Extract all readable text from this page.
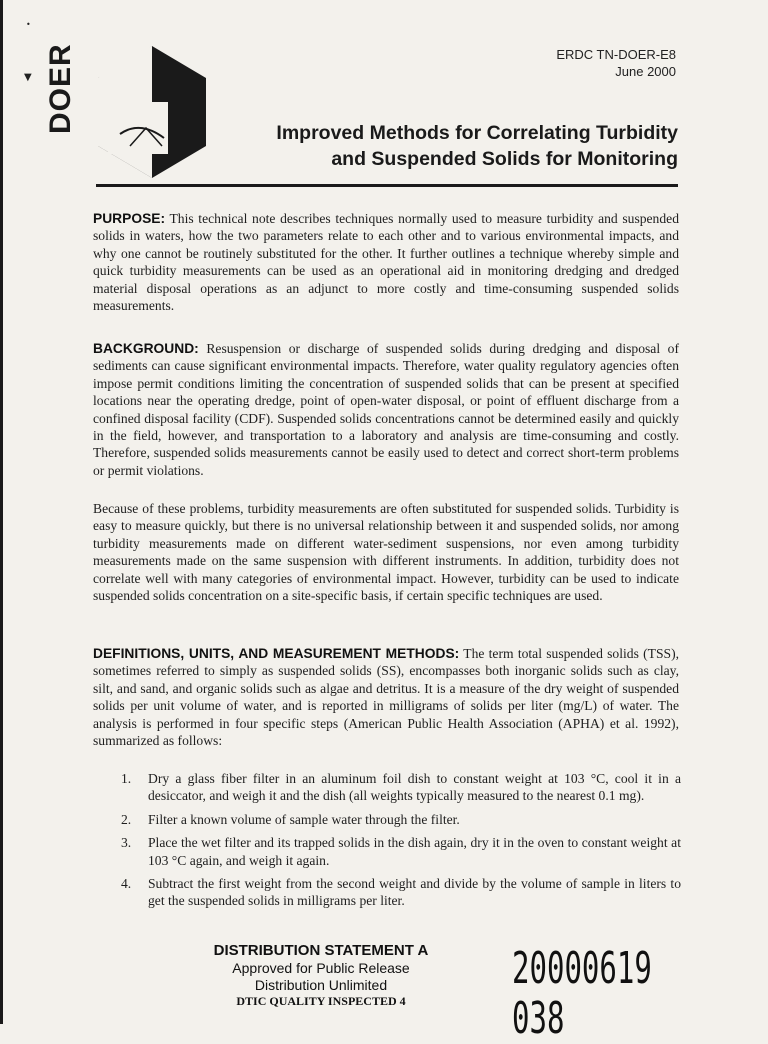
•
▼ DOER	ERDC TN-DOER-E8
June 2000
Improved Methods for Correlating Turbidity
and Suspended Solids for Monitoring
PURPOSE: This technical note describes techniques normally used to measure turbidity and suspended solids in waters, how the two parameters relate to each other and to various environmental impacts, and why one cannot be routinely substituted for the other. It further outlines a technique whereby simple and quick turbidity measurements can be used as an operational aid in monitoring dredging and dredged material disposal operations as an adjunct to more costly and time-consuming suspended solids measurements.
BACKGROUND: Resuspension or discharge of suspended solids during dredging and disposal of sediments can cause significant environmental impacts. Therefore, water quality regulatory agencies often impose permit conditions limiting the concentration of suspended solids that can be present at specified locations near the operating dredge, point of open-water disposal, or point of effluent discharge from a confined disposal facility (CDF). Suspended solids concentrations cannot be determined easily and quickly in the field, however, and transportation to a laboratory and analysis are time-consuming and costly. Therefore, suspended solids measurements cannot be easily used to detect and correct short-term problems or permit violations.
Because of these problems, turbidity measurements are often substituted for suspended solids. Turbidity is easy to measure quickly, but there is no universal relationship between it and suspended solids, nor among turbidity measurements made on different water-sediment suspensions, nor even among turbidity measurements made on the same suspension with different instruments. In addition, turbidity does not correlate well with many categories of environmental impact. However, turbidity can be used to indicate suspended solids concentration on a site-specific basis, if certain specific techniques are used.
DEFINITIONS, UNITS, AND MEASUREMENT METHODS: The term total suspended solids (TSS), sometimes referred to simply as suspended solids (SS), encompasses both inorganic solids such as clay, silt, and sand, and organic solids such as algae and detritus. It is a measure of the dry weight of suspended solids per unit volume of water, and is reported in milligrams of solids per liter (mg/L) of water. The analysis is performed in four specific steps (American Public Health Association (APHA) et al. 1992), summarized as follows:
1. Dry a glass fiber filter in an aluminum foil dish to constant weight at 103 °C, cool it in a desiccator, and weigh it and the dish (all weights typically measured to the nearest 0.1 mg).
2. Filter a known volume of sample water through the filter.
3. Place the wet filter and its trapped solids in the dish again, dry it in the oven to constant weight at 103 °C again, and weigh it again.
4. Subtract the first weight from the second weight and divide by the volume of sample in liters to get the suspended solids in milligrams per liter.
DISTRIBUTION STATEMENT A
Approved for Public Release
Distribution Unlimited
DTIC QUALITY INSPECTED 4
20000619 038
